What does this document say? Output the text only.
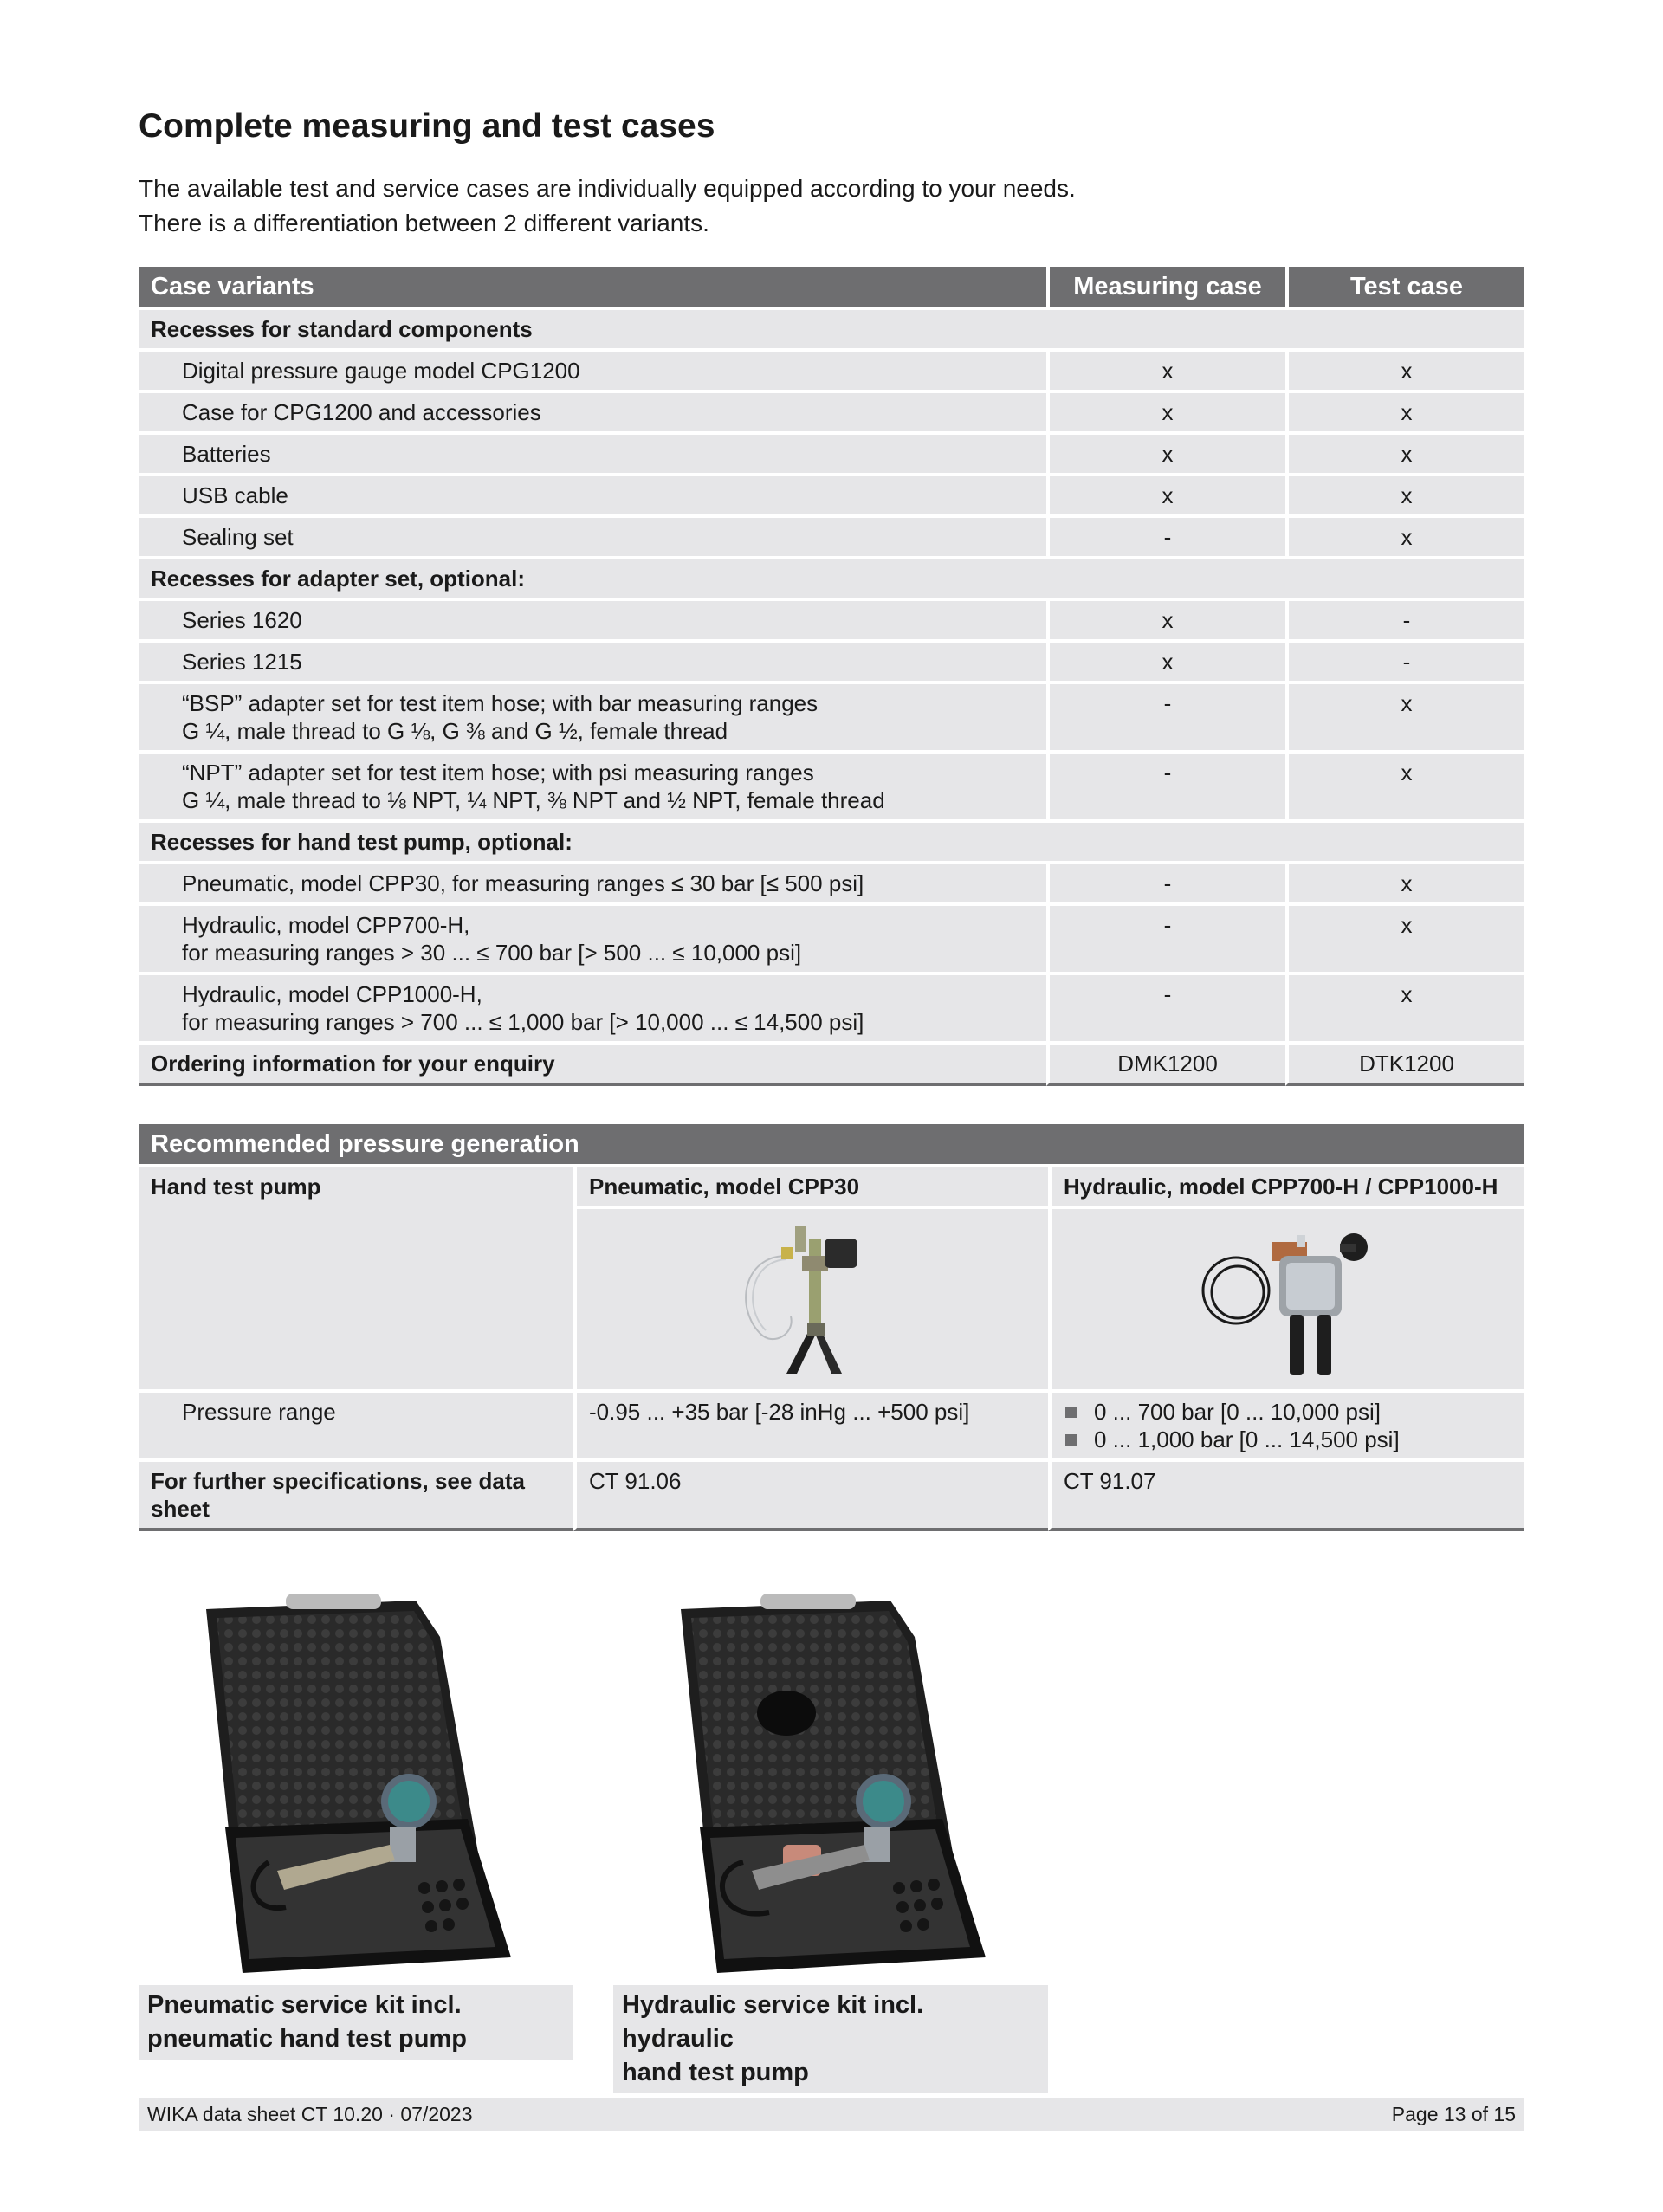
Complete measuring and test cases
The available test and service cases are individually equipped according to your needs.
There is a differentiation between 2 different variants.
Case variants	Measuring case	Test case
Recesses for standard components		

Digital pressure gauge model CPG1200	x	x

Case for CPG1200 and accessories	x	x

Batteries	x	x

USB cable	x	x

Sealing set	-	x
Recesses for adapter set, optional:		

Series 1620	x	-

Series 1215	x	-

“BSP” adapter set for test item hose; with bar measuring ranges
G ¼, male thread to G ⅛, G ⅜ and G ½, female thread	-	x

“NPT” adapter set for test item hose; with psi measuring ranges
G ¼, male thread to ⅛ NPT, ¼ NPT, ⅜ NPT and ½ NPT, female thread	-	x
Recesses for hand test pump, optional:		

Pneumatic, model CPP30, for measuring ranges ≤ 30 bar [≤ 500 psi]	-	x

Hydraulic, model CPP700-H,
for measuring ranges > 30 ... ≤ 700 bar [> 500 ... ≤ 10,000 psi]	-	x

Hydraulic, model CPP1000-H,
for measuring ranges > 700 ... ≤ 1,000 bar [> 10,000 ... ≤ 14,500 psi]	-	x
Ordering information for your enquiry	DMK1200	DTK1200
Recommended pressure generation		
Hand test pump	Pneumatic, model CPP30	Hydraulic, model CPP700-H / CPP1000-H

Pressure range	-0.95 ... +35 bar [-28 inHg ... +500 psi]	0 ... 700 bar [0 ... 10,000 psi]
0 ... 1,000 bar [0 ... 14,500 psi]

For further specifications, see data sheet	CT 91.06	CT 91.07
Pneumatic service kit incl.
pneumatic hand test pump
Hydraulic service kit incl. hydraulic
hand test pump
WIKA data sheet CT 10.20 · 07/2023	Page 13 of 15
